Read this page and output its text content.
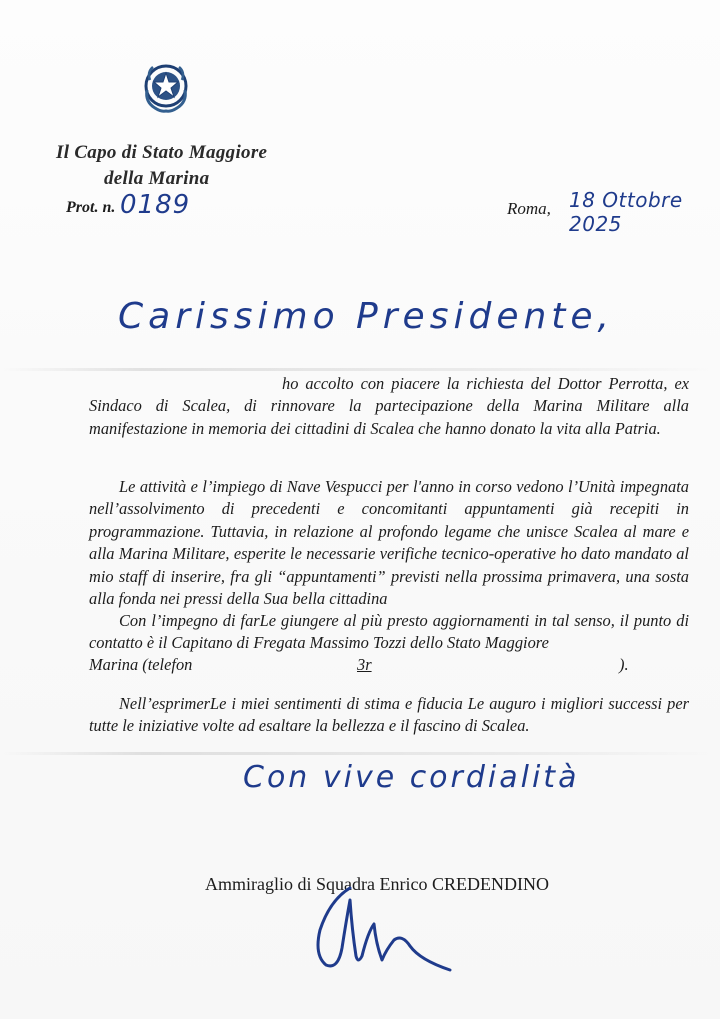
Il Capo di Stato Maggiore
della Marina
Prot. n. 0189	Roma, 18 Ottobre 2025
Carissimo Presidente,
ho accolto con piacere la richiesta del Dottor Perrotta, ex Sindaco di Scalea, di rinnovare la partecipazione della Marina Militare alla manifestazione in memoria dei cittadini di Scalea che hanno donato la vita alla Patria.
Le attività e l’impiego di Nave Vespucci per l'anno in corso vedono l’Unità impegnata nell’assolvimento di precedenti e concomitanti appuntamenti già recepiti in programmazione. Tuttavia, in relazione al profondo legame che unisce Scalea al mare e alla Marina Militare, esperite le necessarie verifiche tecnico-operative ho dato mandato al mio staff di inserire, fra gli “appuntamenti” previsti nella prossima primavera, una sosta alla fonda nei pressi della Sua bella cittadina
Con l’impegno di farLe giungere al più presto aggiornamenti in tal senso, il punto di contatto è il Capitano di Fregata Massimo Tozzi dello Stato Maggiore
Marina (telefon	3r	).
Nell’esprimerLe i miei sentimenti di stima e fiducia Le auguro i migliori successi per tutte le iniziative volte ad esaltare la bellezza e il fascino di Scalea.
Con vive cordialità
Ammiraglio di Squadra Enrico CREDENDINO
